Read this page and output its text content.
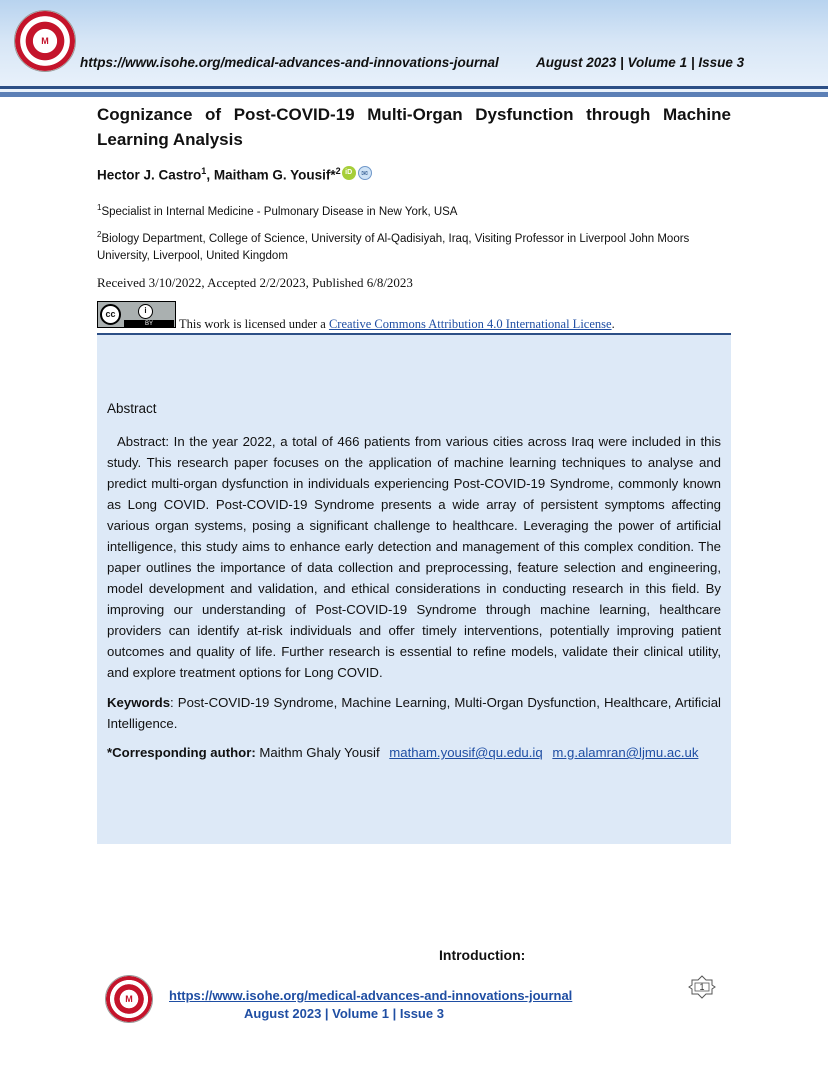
M
https://www.isohe.org/medical-advances-and-innovations-journal	August 2023 | Volume 1 | Issue 3
Cognizance of Post-COVID-19 Multi-Organ Dysfunction through Machine Learning Analysis
Hector J. Castro$^1$, Maitham G. Yousif*$^2$ iD ✉
$^1$Specialist in Internal Medicine - Pulmonary Disease in New York, USA
$^2$Biology Department, College of Science, University of Al-Qadisiyah, Iraq, Visiting Professor in Liverpool John Moors University, Liverpool, United Kingdom
Received 3/10/2022, Accepted 2/2/2023, Published 6/8/2023
cc	i
BY	This work is licensed under a Creative Commons Attribution 4.0 International License.
Abstract
Abstract: In the year 2022, a total of 466 patients from various cities across Iraq were included in this study. This research paper focuses on the application of machine learning techniques to analyse and predict multi-organ dysfunction in individuals experiencing Post-COVID-19 Syndrome, commonly known as Long COVID. Post-COVID-19 Syndrome presents a wide array of persistent symptoms affecting various organ systems, posing a significant challenge to healthcare. Leveraging the power of artificial intelligence, this study aims to enhance early detection and management of this complex condition. The paper outlines the importance of data collection and preprocessing, feature selection and engineering, model development and validation, and ethical considerations in conducting research in this field. By improving our understanding of Post-COVID-19 Syndrome through machine learning, healthcare providers can identify at-risk individuals and offer timely interventions, potentially improving patient outcomes and quality of life. Further research is essential to refine models, validate their clinical utility, and explore treatment options for Long COVID.
Keywords: Post-COVID-19 Syndrome, Machine Learning, Multi-Organ Dysfunction, Healthcare, Artificial Intelligence.
*Corresponding author: Maithm Ghaly Yousif matham.yousif@qu.edu.iq m.g.alamran@ljmu.ac.uk
Introduction:
M	https://www.isohe.org/medical-advances-and-innovations-journal
August 2023 | Volume 1 | Issue 3
1
